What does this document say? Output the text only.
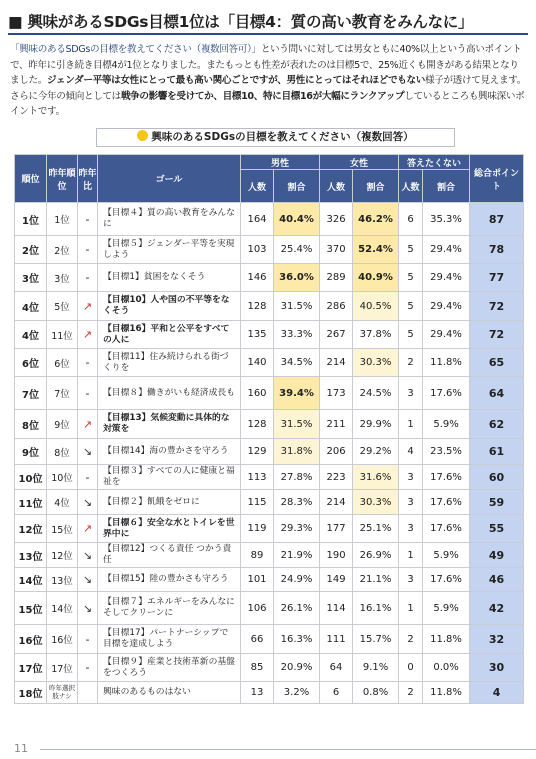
■ 興味があるSDGs目標1位は「目標4：質の高い教育をみんなに」
「興味のあるSDGsの目標を教えてください（複数回答可）」という問いに対しては男女ともに40%以上という高いポイントで、昨年に引き続き目標4が1位となりました。またもっとも性差が表れたのは目標5で、25%近くも開きがある結果となりました。ジェンダー平等は女性にとって最も高い関心ごとですが、男性にとってはそれほどでもない様子が透けて見えます。さらに今年の傾向としては戦争の影響を受けてか、目標10、特に目標16が大幅にランクアップしているところも興味深いポイントです。
興味のあるSDGsの目標を教えてください（複数回答）
順位	昨年順位	昨年比	ゴール	男性		女性		答えたくない		総合ポイント
				人数	割合	人数	割合	人数	割合	
1位	1位	-	【目標４】質の高い教育をみんなに	164	40.4%	326	46.2%	6	35.3%	87
2位	2位	-	【目標５】ジェンダー平等を実現しよう	103	25.4%	370	52.4%	5	29.4%	78
3位	3位	-	【目標1】貧困をなくそう	146	36.0%	289	40.9%	5	29.4%	77
4位	5位	↗	【目標10】人や国の不平等をなくそう	128	31.5%	286	40.5%	5	29.4%	72
4位	11位	↗	【目標16】平和と公平をすべての人に	135	33.3%	267	37.8%	5	29.4%	72
6位	6位	-	【目標11】住み続けられる街づくりを	140	34.5%	214	30.3%	2	11.8%	65
7位	7位	-	【目標８】働きがいも経済成長も	160	39.4%	173	24.5%	3	17.6%	64
8位	9位	↗	【目標13】気候変動に具体的な対策を	128	31.5%	211	29.9%	1	5.9%	62
9位	8位	↘	【目標14】海の豊かさを守ろう	129	31.8%	206	29.2%	4	23.5%	61
10位	10位	-	【目標３】すべての人に健康と福祉を	113	27.8%	223	31.6%	3	17.6%	60
11位	4位	↘	【目標２】飢餓をゼロに	115	28.3%	214	30.3%	3	17.6%	59
12位	15位	↗	【目標６】安全な水とトイレを世界中に	119	29.3%	177	25.1%	3	17.6%	55
13位	12位	↘	【目標12】つくる責任 つかう責任	89	21.9%	190	26.9%	1	5.9%	49
14位	13位	↘	【目標15】陸の豊かさも守ろう	101	24.9%	149	21.1%	3	17.6%	46
15位	14位	↘	【目標７】エネルギーをみんなに そしてクリーンに	106	26.1%	114	16.1%	1	5.9%	42
16位	16位	-	【目標17】パートナーシップで目標を達成しよう	66	16.3%	111	15.7%	2	11.8%	32
17位	17位	-	【目標９】産業と技術革新の基盤をつくろう	85	20.9%	64	9.1%	0	0.0%	30
18位	昨年選択肢ナシ		興味のあるものはない	13	3.2%	6	0.8%	2	11.8%	4
11
